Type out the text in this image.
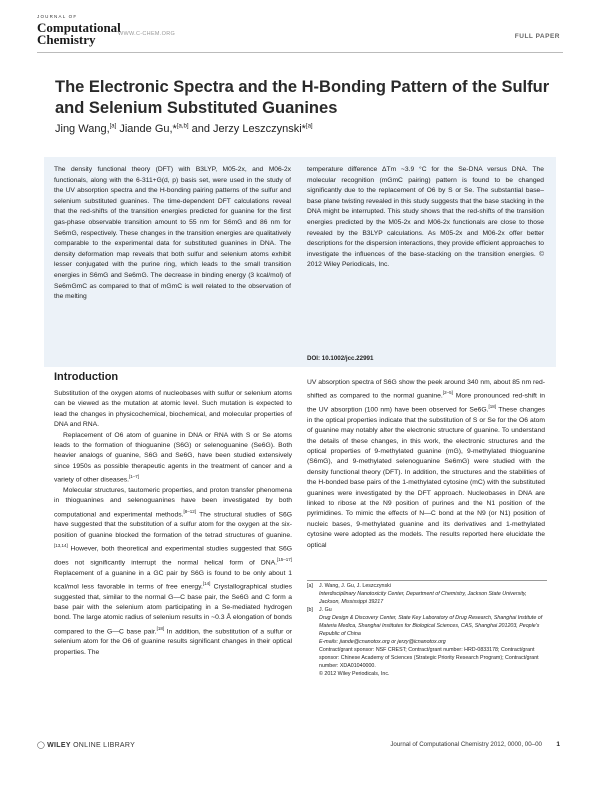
JOURNAL OF
Computational
Chemistry	WWW.C-CHEM.ORG	FULL PAPER
The Electronic Spectra and the H-Bonding Pattern of the Sulfur and Selenium Substituted Guanines
Jing Wang,[a] Jiande Gu,*[a,b] and Jerzy Leszczynski*[a]
The density functional theory (DFT) with B3LYP, M05-2x, and M06-2x functionals, along with the 6-311+G(d, p) basis set, were used in the study of the UV absorption spectra and the H-bonding pairing patterns of the sulfur and selenium substituted guanines. The time-dependent DFT calculations reveal that the red-shifts of the transition energies predicted for guanine for the first gas-phase observable transition amount to 55 nm for S6mG and 86 nm for Se6mG, respectively. These changes in the transition energies are qualitatively comparable to the experimental data for substituted guanines in DNA. The density deformation map reveals that both sulfur and selenium atoms exhibit lesser conjugated with the purine ring, which leads to the small transition energies in S6mG and Se6mG. The decrease in binding energy (3 kcal/mol) of Se6mGmC as compared to that of mGmC is well related to the observation of the melting
temperature difference ΔTm ~3.9 °C for the Se-DNA versus DNA. The molecular recognition (mGmC pairing) pattern is found to be changed significantly due to the replacement of O6 by S or Se. The substantial base–base plane twisting revealed in this study suggests that the base stacking in the DNA might be interrupted. This study shows that the red-shifts of the transition energies predicted by the M05-2x and M06-2x functionals are close to those revealed by the B3LYP calculations. As M05-2x and M06-2x offer better descriptions for the dispersion interactions, they provide efficient approaches to investigate the influences of the base-stacking on the transition energies. © 2012 Wiley Periodicals, Inc.
DOI: 10.1002/jcc.22991
Introduction

Substitution of the oxygen atoms of nucleobases with sulfur or selenium atoms can be viewed as the mutation at atomic level. Such mutation is expected to lead the changes in physicochemical, biochemical, and molecular properties of DNA and RNA.

Replacement of O6 atom of guanine in DNA or RNA with S or Se atoms leads to the formation of thioguanine (S6G) or selenoguanine (Se6G). Both heavier analogs of guanine, S6G and Se6G, have been studied extensively since 1950s as possible therapeutic agents in the treatment of cancer and a variety of other diseases.[1–7]

Molecular structures, tautomeric properties, and proton transfer phenomena in thioguanines and selenoguanines have been investigated by both computational and experimental methods.[8–12] The structural studies of S6G have suggested that the substitution of a sulfur atom for the oxygen at the six-position of guanine blocked the formation of the tetrad structures of guanine.[13,14] However, both theoretical and experimental studies suggested that S6G does not significantly interrupt the normal helical form of DNA.[15–17] Replacement of a guanine in a GC pair by S6G is found to be only about 1 kcal/mol less favorable in terms of free energy.[14] Crystallographical studies suggested that, similar to the normal G—C base pair, the Se6G and C form a base pair with the selenium atom participating in a Se-mediated hydrogen bond. The large atomic radius of selenium results in ~0.3 Å elongation of bonds compared to the G—C base pair.[18] In addition, the substitution of a sulfur or selenium atom for the O6 of guanine results significant changes in their optical properties. The

UV absorption spectra of S6G show the peek around 340 nm, about 85 nm red-shifted as compared to the normal guanine.[2–5] More pronounced red-shift in the UV absorption (100 nm) have been observed for Se6G.[18] These changes in the optical properties indicate that the substitution of S or Se for the O6 atom of guanine may notably alter the electronic structure of guanine. To understand the details of these changes, in this work, the electronic structures and the optical properties of 9-methylated guanine (mG), 9-methylated thioguanine (S6mG), and 9-methylated selenoguanine Se6mG) were studied with the density functional theory (DFT). In addition, the structures and the stabilities of the H-bonded base pairs of the 1-methylated cytosine (mC) with the substituted guanines were investigated by the DFT approach. Nucleobases in DNA are linked to ribose at the N9 position of purines and the N1 position of the pyrimidines. To mimic the effects of N—C bond at the N9 (or N1) position of nucleic bases, 9-methylated guanine and its derivatives and 1-methylated cytosine were adopted as the models. The results reported here elucidate the optical

[a] J. Wang, J. Gu, J. Leszczynski
Interdisciplinary Nanotoxicity Center, Department of Chemistry, Jackson State University, Jackson, Mississippi 39217
[b] J. Gu
Drug Design & Discovery Center, State Key Laboratory of Drug Research, Shanghai Institute of Materia Medica, Shanghai Institutes for Biological Sciences, CAS, Shanghai 201203, People's Republic of China
E-mails: jiande@cnanotox.org or jerzy@icnanotox.org
Contract/grant sponsor: NSF CREST; Contract/grant number: HRD-0833178; Contract/grant sponsor: Chinese Academy of Sciences (Strategic Priority Research Program); Contract/grant number: XDA01040000.
© 2012 Wiley Periodicals, Inc.
◯ WILEY ONLINE LIBRARY	Journal of Computational Chemistry 2012, 0000, 00–00 1
